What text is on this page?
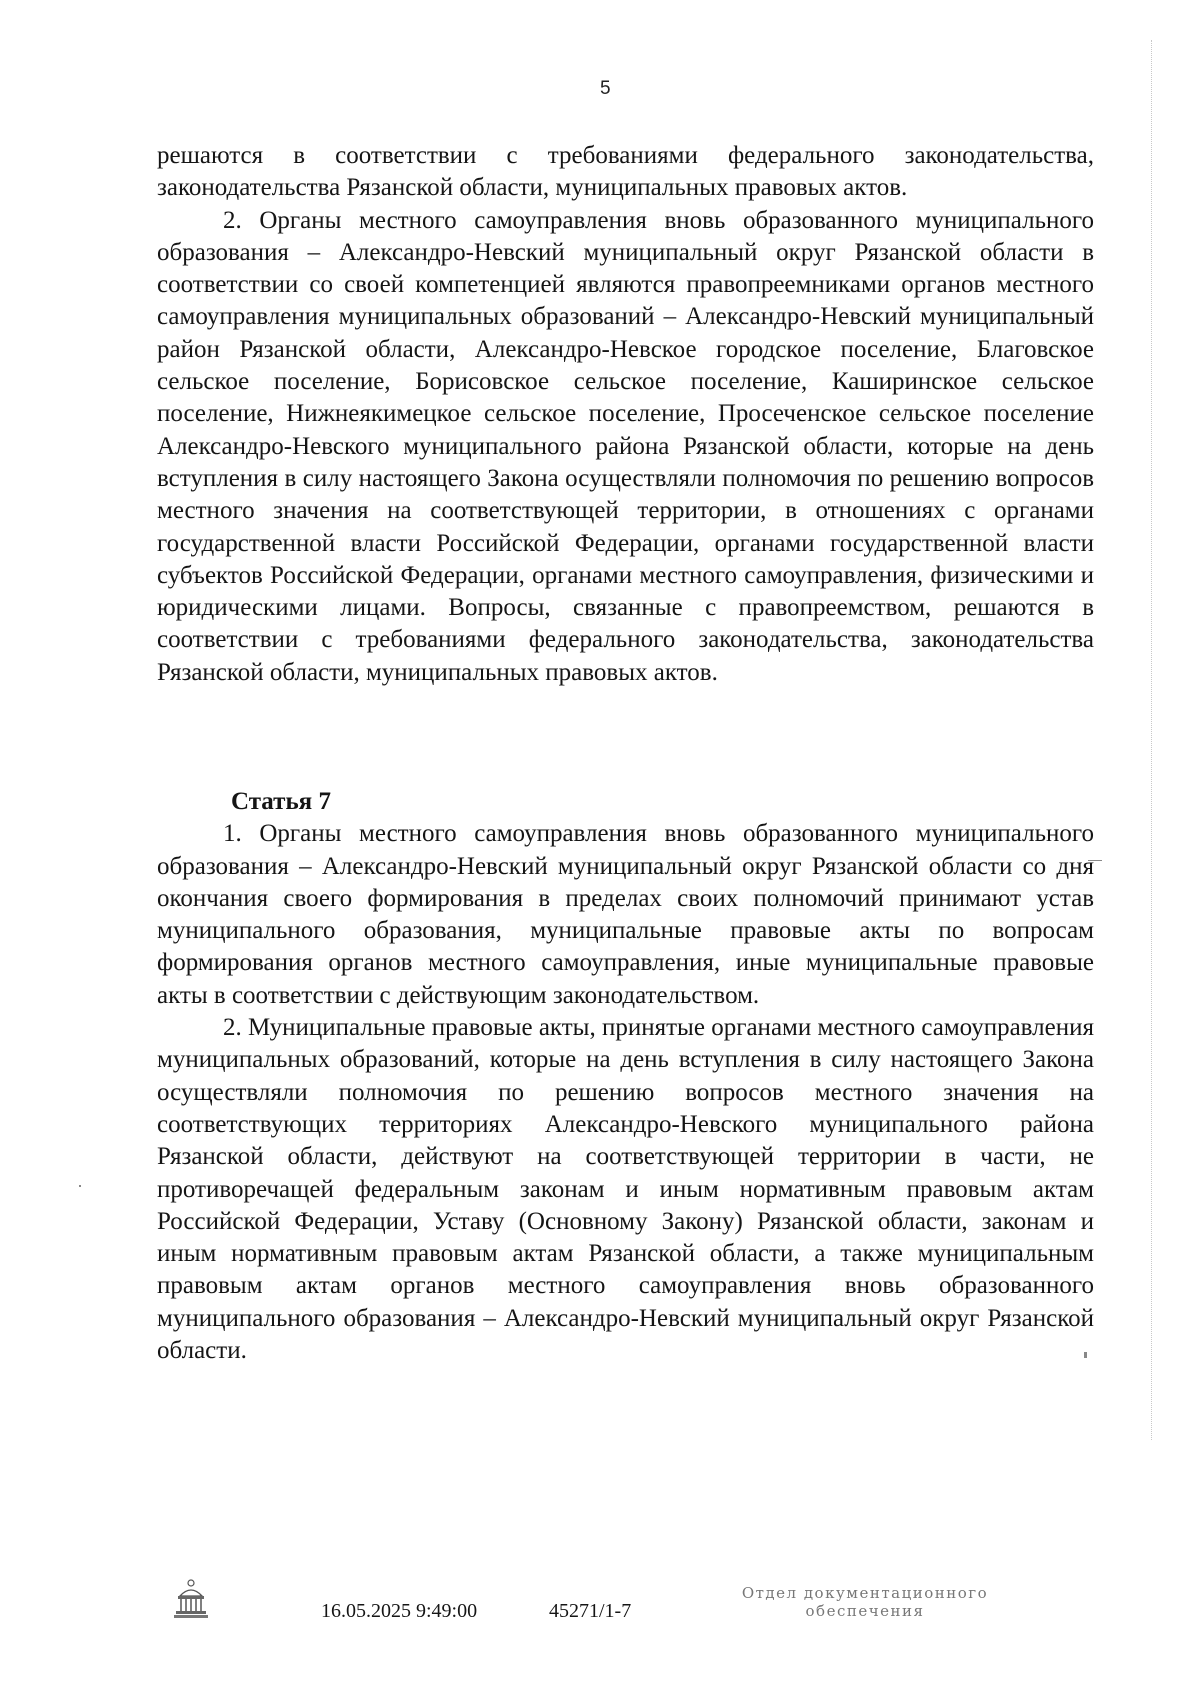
5

решаются в соответствии с требованиями федерального законодательства, законодательства Рязанской области, муниципальных правовых актов.

2. Органы местного самоуправления вновь образованного муниципального образования – Александро-Невский муниципальный округ Рязанской области в соответствии со своей компетенцией являются правопреемниками органов местного самоуправления муниципальных образований – Александро-Невский муниципальный район Рязанской области, Александро-Невское городское поселение, Благовское сельское поселение, Борисовское сельское поселение, Каширинское сельское поселение, Нижнеякимецкое сельское поселение, Просеченское сельское поселение Александро-Невского муниципального района Рязанской области, которые на день вступления в силу настоящего Закона осуществляли полномочия по решению вопросов местного значения на соответствующей территории, в отношениях с органами государственной власти Российской Федерации, органами государственной власти субъектов Российской Федерации, органами местного самоуправления, физическими и юридическими лицами. Вопросы, связанные с правопреемством, решаются в соответствии с требованиями федерального законодательства, законодательства Рязанской области, муниципальных правовых актов.

Статья 7

1. Органы местного самоуправления вновь образованного муниципального образования – Александро-Невский муниципальный округ Рязанской области со дня окончания своего формирования в пределах своих полномочий принимают устав муниципального образования, муниципальные правовые акты по вопросам формирования органов местного самоуправления, иные муниципальные правовые акты в соответствии с действующим законодательством.

2. Муниципальные правовые акты, принятые органами местного самоуправления муниципальных образований, которые на день вступления в силу настоящего Закона осуществляли полномочия по решению вопросов местного значения на соответствующих территориях Александро-Невского муниципального района Рязанской области, действуют на соответствующей территории в части, не противоречащей федеральным законам и иным нормативным правовым актам Российской Федерации, Уставу (Основному Закону) Рязанской области, законам и иным нормативным правовым актам Рязанской области, а также муниципальным правовым актам органов местного самоуправления вновь образованного муниципального образования – Александро-Невский муниципальный округ Рязанской области.

16.05.2025 9:49:00	45271/1-7
Отдел документационного
обеспечения
